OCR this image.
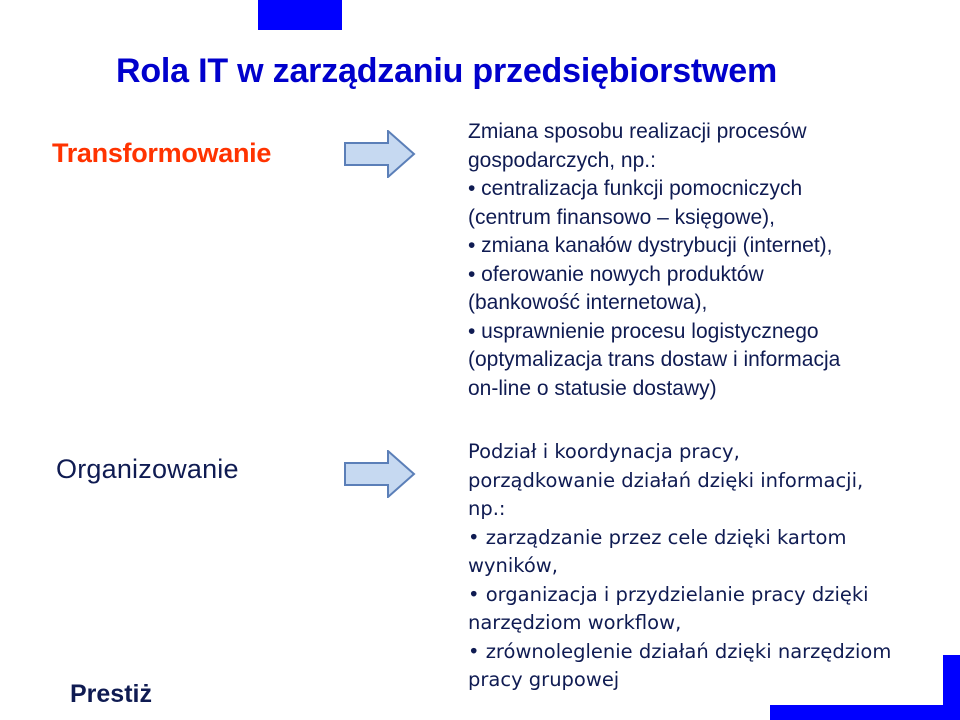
Rola IT w zarządzaniu przedsiębiorstwem
Transformowanie
Zmiana sposobu realizacji procesów
gospodarczych, np.:
• centralizacja funkcji pomocniczych
(centrum finansowo – księgowe),
• zmiana kanałów dystrybucji (internet),
• oferowanie nowych produktów
(bankowość internetowa),
• usprawnienie procesu logistycznego
(optymalizacja trans dostaw i informacja
on-line o statusie dostawy)
Organizowanie
Podział i koordynacja pracy,
porządkowanie działań dzięki informacji,
np.:
• zarządzanie przez cele dzięki kartom
wyników,
• organizacja i przydzielanie pracy dzięki
narzędziom workflow,
• zrównoleglenie działań dzięki narzędziom
pracy grupowej
Prestiż
